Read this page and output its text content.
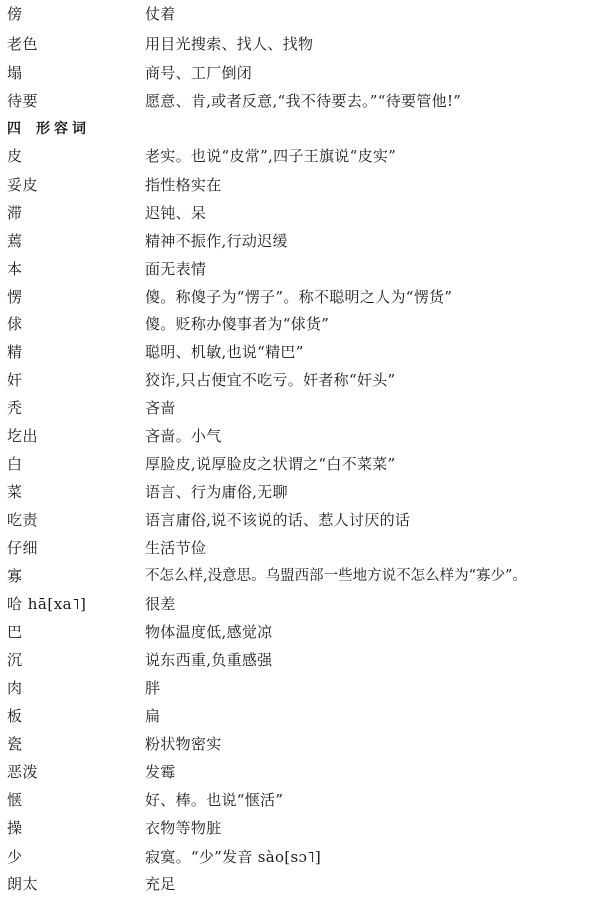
傍	仗着
老色	用目光搜索、找人、找物
塌	商号、工厂倒闭
待要	愿意、肯,或者反意,“我不待要去。”“待要管他!”
四 形容词
皮	老实。也说“皮常”,四子王旗说“皮实”
妥皮	指性格实在
滞	迟钝、呆
蔫	精神不振作,行动迟缓
本	面无表情
愣	傻。称傻子为“愣子”。称不聪明之人为“愣货”
俅	傻。贬称办傻事者为“俅货”
精	聪明、机敏,也说“精巴”
奸	狡诈,只占便宜不吃亏。奸者称“奸头”
秃	吝啬
圪出	吝啬。小气
白	厚脸皮,说厚脸皮之状谓之“白不菜菜”
菜	语言、行为庸俗,无聊
吃责	语言庸俗,说不该说的话、惹人讨厌的话
仔细	生活节俭
寡	不怎么样,没意思。乌盟西部一些地方说不怎么样为“寡少”。
哈 hā[xa˥]	很差
巴	物体温度低,感觉凉
沉	说东西重,负重感强
肉	胖
板	扁
瓷	粉状物密实
恶泼	发霉
惬	好、棒。也说“惬活”
操	衣物等物脏
少	寂寞。“少”发音 sào[sɔ˥]
朗太	充足
